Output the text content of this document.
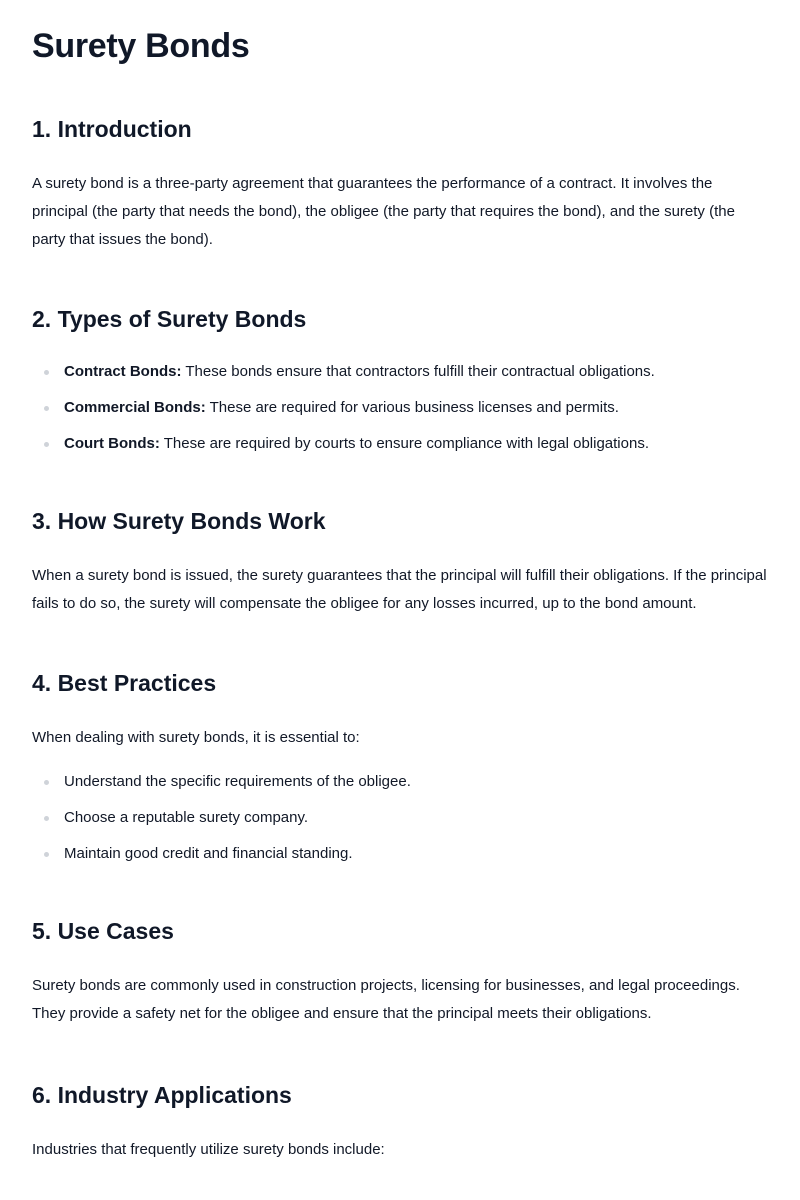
Surety Bonds
1. Introduction

A surety bond is a three-party agreement that guarantees the performance of a contract. It involves the principal (the party that needs the bond), the obligee (the party that requires the bond), and the surety (the party that issues the bond).

2. Types of Surety Bonds
Contract Bonds: These bonds ensure that contractors fulfill their contractual obligations.
Commercial Bonds: These are required for various business licenses and permits.
Court Bonds: These are required by courts to ensure compliance with legal obligations.
3. How Surety Bonds Work

When a surety bond is issued, the surety guarantees that the principal will fulfill their obligations. If the principal fails to do so, the surety will compensate the obligee for any losses incurred, up to the bond amount.

4. Best Practices

When dealing with surety bonds, it is essential to:

Understand the specific requirements of the obligee.
Choose a reputable surety company.
Maintain good credit and financial standing.
5. Use Cases

Surety bonds are commonly used in construction projects, licensing for businesses, and legal proceedings. They provide a safety net for the obligee and ensure that the principal meets their obligations.

6. Industry Applications

Industries that frequently utilize surety bonds include:
